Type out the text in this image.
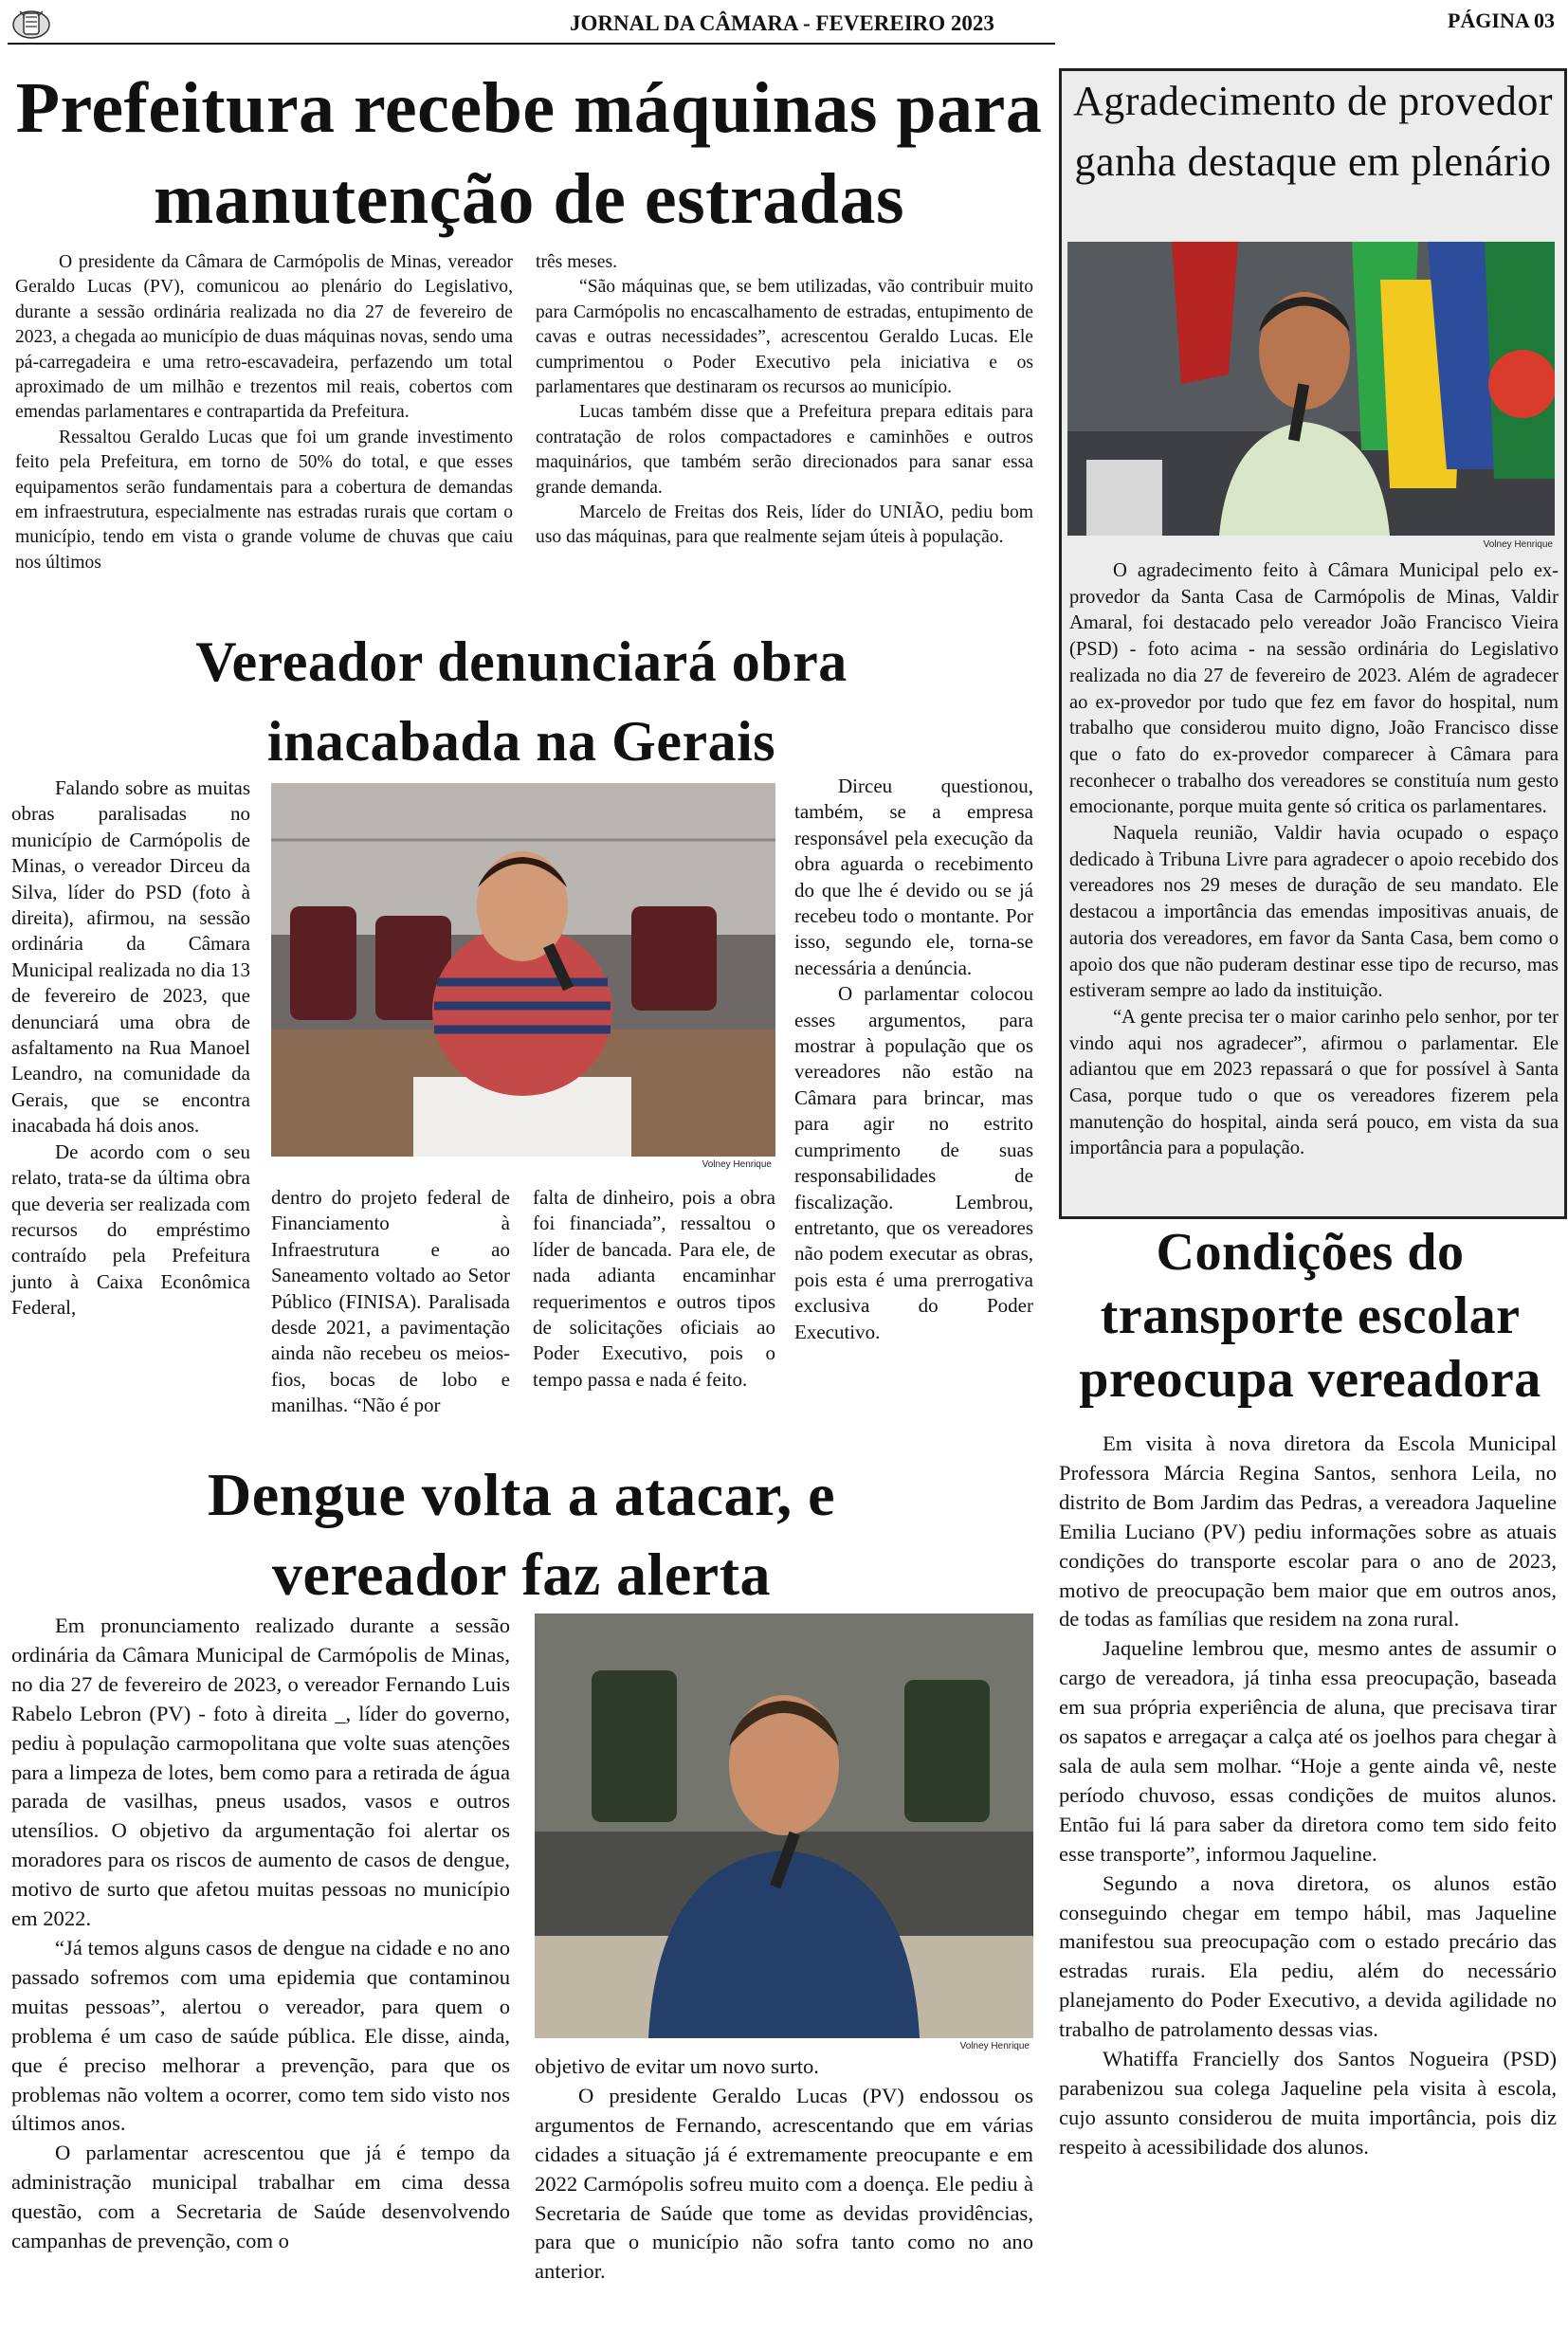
JORNAL DA CÂMARA - FEVEREIRO 2023	PÁGINA 03
Prefeitura recebe máquinas para manutenção de estradas

O presidente da Câmara de Carmópolis de Minas, vereador Geraldo Lucas (PV), comunicou ao plenário do Legislativo, durante a sessão ordinária realizada no dia 27 de fevereiro de 2023, a chegada ao município de duas máquinas novas, sendo uma pá-carregadeira e uma retro-escavadeira, perfazendo um total aproximado de um milhão e trezentos mil reais, cobertos com emendas parlamentares e contrapartida da Prefeitura.

Ressaltou Geraldo Lucas que foi um grande investimento feito pela Prefeitura, em torno de 50% do total, e que esses equipamentos serão fundamentais para a cobertura de demandas em infraestrutura, especialmente nas estradas rurais que cortam o município, tendo em vista o grande volume de chuvas que caiu nos últimos

três meses.

“São máquinas que, se bem utilizadas, vão contribuir muito para Carmópolis no encascalhamento de estradas, entupimento de cavas e outras necessidades”, acrescentou Geraldo Lucas. Ele cumprimentou o Poder Executivo pela iniciativa e os parlamentares que destinaram os recursos ao município.

Lucas também disse que a Prefeitura prepara editais para contratação de rolos compactadores e caminhões e outros maquinários, que também serão direcionados para sanar essa grande demanda.

Marcelo de Freitas dos Reis, líder do UNIÃO, pediu bom uso das máquinas, para que realmente sejam úteis à população.

Vereador denunciará obra inacabada na Gerais

Falando sobre as muitas obras paralisadas no município de Carmópolis de Minas, o vereador Dirceu da Silva, líder do PSD (foto à direita), afirmou, na sessão ordinária da Câmara Municipal realizada no dia 13 de fevereiro de 2023, que denunciará uma obra de asfaltamento na Rua Manoel Leandro, na comunidade da Gerais, que se encontra inacabada há dois anos.

De acordo com o seu relato, trata-se da última obra que deveria ser realizada com recursos do empréstimo contraído pela Prefeitura junto à Caixa Econômica Federal,

Volney Henrique

dentro do projeto federal de Financiamento à Infraestrutura e ao Saneamento voltado ao Setor Público (FINISA). Paralisada desde 2021, a pavimentação ainda não recebeu os meios-fios, bocas de lobo e manilhas. “Não é por

falta de dinheiro, pois a obra foi financiada”, ressaltou o líder de bancada. Para ele, de nada adianta encaminhar requerimentos e outros tipos de solicitações oficiais ao Poder Executivo, pois o tempo passa e nada é feito.

Dirceu questionou, também, se a empresa responsável pela execução da obra aguarda o recebimento do que lhe é devido ou se já recebeu todo o montante. Por isso, segundo ele, torna-se necessária a denúncia.

O parlamentar colocou esses argumentos, para mostrar à população que os vereadores não estão na Câmara para brincar, mas para agir no estrito cumprimento de suas responsabilidades de fiscalização. Lembrou, entretanto, que os vereadores não podem executar as obras, pois esta é uma prerrogativa exclusiva do Poder Executivo.

Dengue volta a atacar, e vereador faz alerta

Em pronunciamento realizado durante a sessão ordinária da Câmara Municipal de Carmópolis de Minas, no dia 27 de fevereiro de 2023, o vereador Fernando Luis Rabelo Lebron (PV) - foto à direita _, líder do governo, pediu à população carmopolitana que volte suas atenções para a limpeza de lotes, bem como para a retirada de água parada de vasilhas, pneus usados, vasos e outros utensílios. O objetivo da argumentação foi alertar os moradores para os riscos de aumento de casos de dengue, motivo de surto que afetou muitas pessoas no município em 2022.

“Já temos alguns casos de dengue na cidade e no ano passado sofremos com uma epidemia que contaminou muitas pessoas”, alertou o vereador, para quem o problema é um caso de saúde pública. Ele disse, ainda, que é preciso melhorar a prevenção, para que os problemas não voltem a ocorrer, como tem sido visto nos últimos anos.

O parlamentar acrescentou que já é tempo da administração municipal trabalhar em cima dessa questão, com a Secretaria de Saúde desenvolvendo campanhas de prevenção, com o

Volney Henrique

objetivo de evitar um novo surto.

O presidente Geraldo Lucas (PV) endossou os argumentos de Fernando, acrescentando que em várias cidades a situação já é extremamente preocupante e em 2022 Carmópolis sofreu muito com a doença. Ele pediu à Secretaria de Saúde que tome as devidas providências, para que o município não sofra tanto como no ano anterior.

Agradecimento de provedor ganha destaque em plenário
Volney Henrique

O agradecimento feito à Câmara Municipal pelo ex-provedor da Santa Casa de Carmópolis de Minas, Valdir Amaral, foi destacado pelo vereador João Francisco Vieira (PSD) - foto acima - na sessão ordinária do Legislativo realizada no dia 27 de fevereiro de 2023. Além de agradecer ao ex-provedor por tudo que fez em favor do hospital, num trabalho que considerou muito digno, João Francisco disse que o fato do ex-provedor comparecer à Câmara para reconhecer o trabalho dos vereadores se constituía num gesto emocionante, porque muita gente só critica os parlamentares.

Naquela reunião, Valdir havia ocupado o espaço dedicado à Tribuna Livre para agradecer o apoio recebido dos vereadores nos 29 meses de duração de seu mandato. Ele destacou a importância das emendas impositivas anuais, de autoria dos vereadores, em favor da Santa Casa, bem como o apoio dos que não puderam destinar esse tipo de recurso, mas estiveram sempre ao lado da instituição.

“A gente precisa ter o maior carinho pelo senhor, por ter vindo aqui nos agradecer”, afirmou o parlamentar. Ele adiantou que em 2023 repassará o que for possível à Santa Casa, porque tudo o que os vereadores fizerem pela manutenção do hospital, ainda será pouco, em vista da sua importância para a população.

Condições do transporte escolar preocupa vereadora

Em visita à nova diretora da Escola Municipal Professora Márcia Regina Santos, senhora Leila, no distrito de Bom Jardim das Pedras, a vereadora Jaqueline Emilia Luciano (PV) pediu informações sobre as atuais condições do transporte escolar para o ano de 2023, motivo de preocupação bem maior que em outros anos, de todas as famílias que residem na zona rural.

Jaqueline lembrou que, mesmo antes de assumir o cargo de vereadora, já tinha essa preocupação, baseada em sua própria experiência de aluna, que precisava tirar os sapatos e arregaçar a calça até os joelhos para chegar à sala de aula sem molhar. “Hoje a gente ainda vê, neste período chuvoso, essas condições de muitos alunos. Então fui lá para saber da diretora como tem sido feito esse transporte”, informou Jaqueline.

Segundo a nova diretora, os alunos estão conseguindo chegar em tempo hábil, mas Jaqueline manifestou sua preocupação com o estado precário das estradas rurais. Ela pediu, além do necessário planejamento do Poder Executivo, a devida agilidade no trabalho de patrolamento dessas vias.

Whatiffa Francielly dos Santos Nogueira (PSD) parabenizou sua colega Jaqueline pela visita à escola, cujo assunto considerou de muita importância, pois diz respeito à acessibilidade dos alunos.
